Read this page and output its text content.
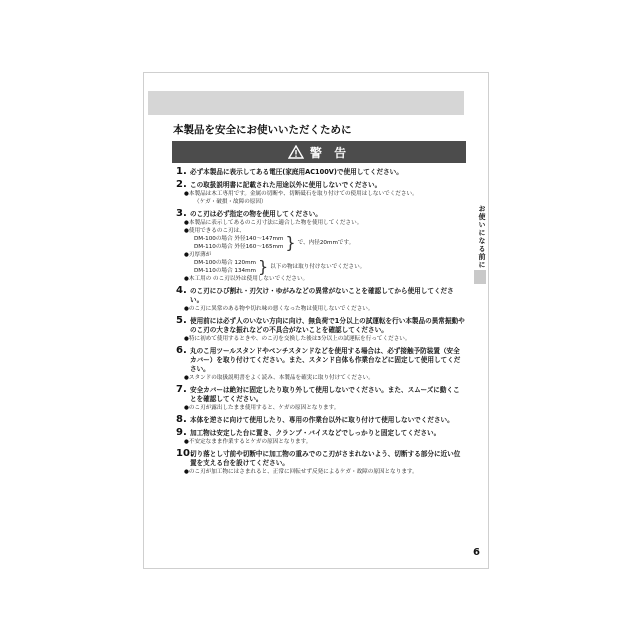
本製品を安全にお使いいただくために
警 告
1. 必ず本製品に表示してある電圧(家庭用AC100V)で使用してください。
2. この取扱説明書に記載された用途以外に使用しないでください。
●本製品は木工専用です。金属の切断や、切断砥石を取り付けての使用はしないでください。
（ケガ・破損・故障の原因）
3. のこ刃は必ず指定の物を使用してください。
●本製品に表示してあるのこ刃寸法に適合した物を使用してください。
●使用できるのこ刃は、
DM-100の場合 外径140～147mm
DM-110の場合 外径160～165mm } で、内径20mmです。
●刃厚薄が
DM-100の場合 120mm
DM-110の場合 134mm } 以下の物は取り付けないでください。
●木工用の のこ刃以外は使用しないでください。
4. のこ刃にひび割れ・刃欠け・ゆがみなどの異常がないことを確認してから使用してください。
●のこ刃に異常のある物や切れ味の悪くなった物は使用しないでください。
5. 使用前には必ず人のいない方向に向け、無負荷で1分以上の試運転を行い本製品の異常振動やのこ刃の大きな振れなどの不具合がないことを確認してください。
●特に初めて使用するときや、のこ刃を交換した後は3分以上の試運転を行ってください。
6. 丸のこ用ツールスタンドやベンチスタンドなどを使用する場合は、必ず接触予防装置（安全カバー）を取り付けてください。また、スタンド自体も作業台などに固定して使用してください。
●スタンドの取扱説明書をよく読み、本製品を確実に取り付けてください。
7. 安全カバーは絶対に固定したり取り外して使用しないでください。また、スムーズに動くことを確認してください。
●のこ刃が露出したまま使用すると、ケガの原因となります。
8. 本体を逆さに向けて使用したり、専用の作業台以外に取り付けて使用しないでください。
9. 加工物は安定した台に置き、クランプ・バイスなどでしっかりと固定してください。
●不安定なまま作業するとケガの原因となります。
10.
切り落とし寸前や切断中に加工物の重みでのこ刃がさまれないよう、切断する部分に近い位置を支える台を設けてください。
●のこ刃が加工物にはさまれると、正常に回転せず反発によるケガ・故障の原因となります。
お使いになる前に
6
